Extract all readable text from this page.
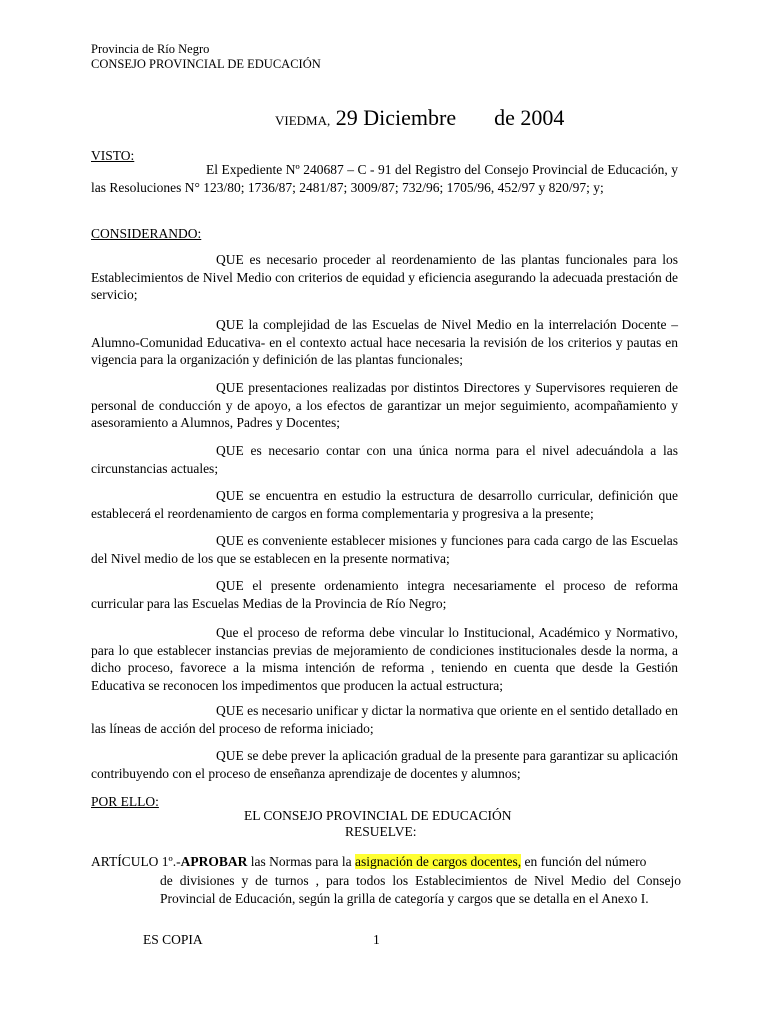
Provincia de Río Negro
CONSEJO PROVINCIAL DE EDUCACIÓN
VIEDMA, 29 Diciembre de 2004
VISTO:

El Expediente Nº 240687 – C - 91 del Registro del Consejo Provincial de Educación, y las Resoluciones N° 123/80; 1736/87; 2481/87; 3009/87; 732/96; 1705/96, 452/97 y 820/97; y;

CONSIDERANDO:

QUE es necesario proceder al reordenamiento de las plantas funcionales para los Establecimientos de Nivel Medio con criterios de equidad y eficiencia asegurando la adecuada prestación de servicio;

QUE la complejidad de las Escuelas de Nivel Medio en la interrelación Docente –Alumno-Comunidad Educativa- en el contexto actual hace necesaria la revisión de los criterios y pautas en vigencia para la organización y definición de las plantas funcionales;

QUE presentaciones realizadas por distintos Directores y Supervisores requieren de personal de conducción y de apoyo, a los efectos de garantizar un mejor seguimiento, acompañamiento y asesoramiento a Alumnos, Padres y Docentes;

QUE es necesario contar con una única norma para el nivel adecuándola a las circunstancias actuales;

QUE se encuentra en estudio la estructura de desarrollo curricular, definición que establecerá el reordenamiento de cargos en forma complementaria y progresiva a la presente;

QUE es conveniente establecer misiones y funciones para cada cargo de las Escuelas del Nivel medio de los que se establecen en la presente normativa;

QUE el presente ordenamiento integra necesariamente el proceso de reforma curricular para las Escuelas Medias de la Provincia de Río Negro;

Que el proceso de reforma debe vincular lo Institucional, Académico y Normativo, para lo que establecer instancias previas de mejoramiento de condiciones institucionales desde la norma, a dicho proceso, favorece a la misma intención de reforma , teniendo en cuenta que desde la Gestión Educativa se reconocen los impedimentos que producen la actual estructura;

QUE es necesario unificar y dictar la normativa que oriente en el sentido detallado en las líneas de acción del proceso de reforma iniciado;

QUE se debe prever la aplicación gradual de la presente para garantizar su aplicación contribuyendo con el proceso de enseñanza aprendizaje de docentes y alumnos;

POR ELLO:
EL CONSEJO PROVINCIAL DE EDUCACIÓN
RESUELVE:
ARTÍCULO 1º.-APROBAR las Normas para la asignación de cargos docentes, en función del número
de divisiones y de turnos , para todos los Establecimientos de Nivel Medio del Consejo Provincial de Educación, según la grilla de categoría y cargos que se detalla en el Anexo I.
ES COPIA	1
